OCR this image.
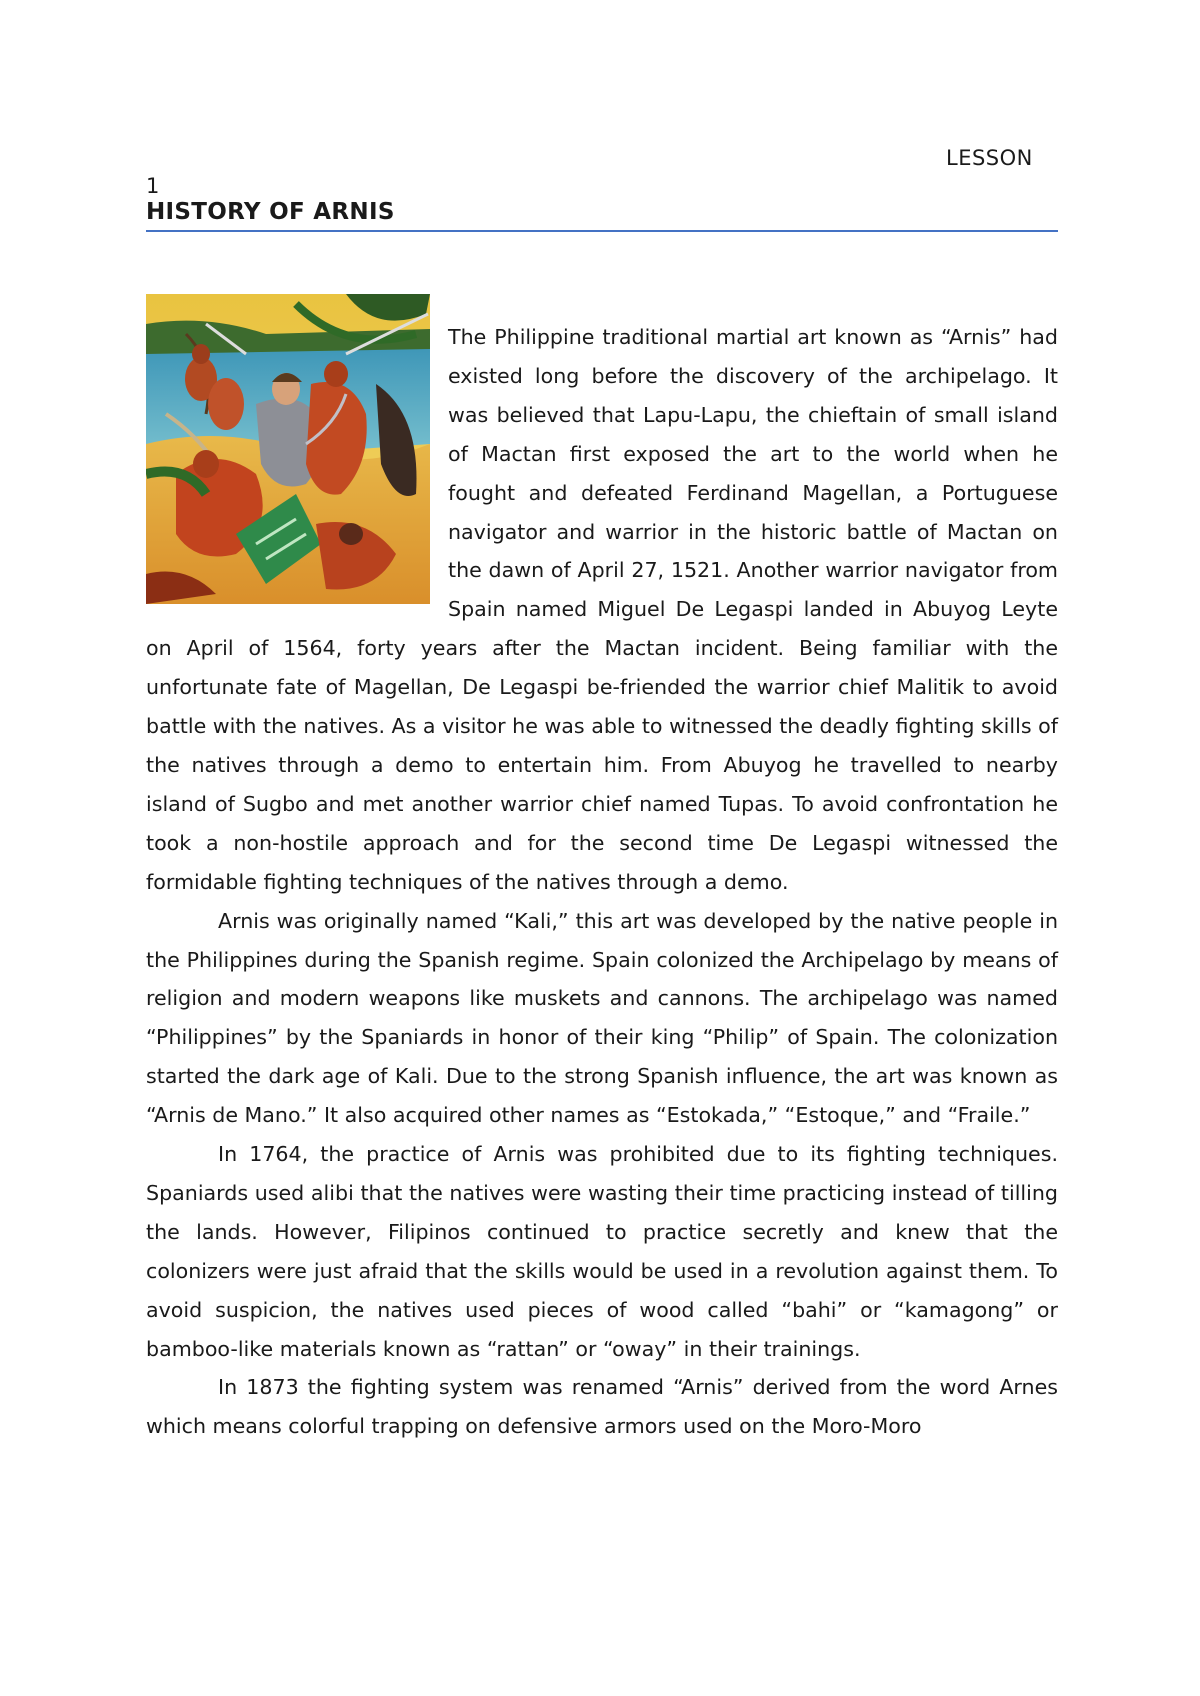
LESSON
1
HISTORY OF ARNIS

The Philippine traditional martial art known as “Arnis” had existed long before the discovery of the archipelago. It was believed that Lapu-Lapu, the chieftain of small island of Mactan first exposed the art to the world when he fought and defeated Ferdinand Magellan, a Portuguese navigator and warrior in the historic battle of Mactan on the dawn of April 27, 1521. Another warrior navigator from Spain named Miguel De Legaspi landed in Abuyog Leyte on April of 1564, forty years after the Mactan incident. Being familiar with the unfortunate fate of Magellan, De Legaspi be-friended the warrior chief Malitik to avoid battle with the natives. As a visitor he was able to witnessed the deadly fighting skills of the natives through a demo to entertain him. From Abuyog he travelled to nearby island of Sugbo and met another warrior chief named Tupas. To avoid confrontation he took a non-hostile approach and for the second time De Legaspi witnessed the formidable fighting techniques of the natives through a demo.

Arnis was originally named “Kali,” this art was developed by the native people in the Philippines during the Spanish regime. Spain colonized the Archipelago by means of religion and modern weapons like muskets and cannons. The archipelago was named “Philippines” by the Spaniards in honor of their king “Philip” of Spain. The colonization started the dark age of Kali. Due to the strong Spanish influence, the art was known as “Arnis de Mano.” It also acquired other names as “Estokada,” “Estoque,” and “Fraile.”

In 1764, the practice of Arnis was prohibited due to its fighting techniques. Spaniards used alibi that the natives were wasting their time practicing instead of tilling the lands. However, Filipinos continued to practice secretly and knew that the colonizers were just afraid that the skills would be used in a revolution against them. To avoid suspicion, the natives used pieces of wood called “bahi” or “kamagong” or bamboo-like materials known as “rattan” or “oway” in their trainings.

In 1873 the fighting system was renamed “Arnis” derived from the word Arnes which means colorful trapping on defensive armors used on the Moro-Moro
